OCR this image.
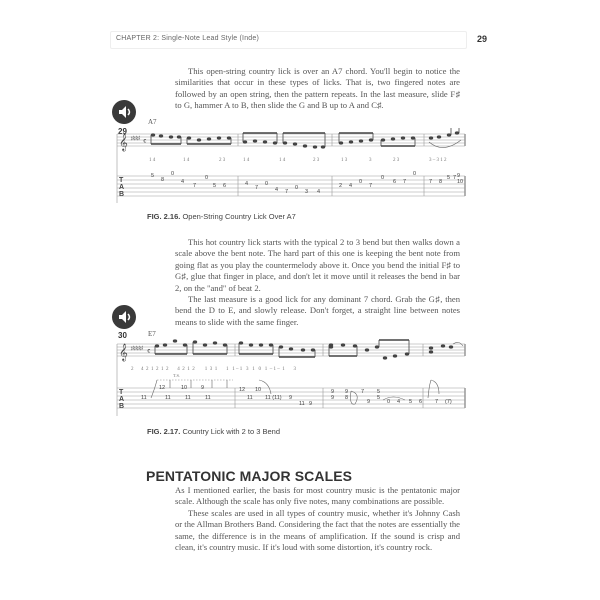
CHAPTER 2: Single-Note Lead Style (Inde)	29

This open-string country lick is over an A7 chord. You'll begin to notice the similarities that occur in these types of licks. That is, two fingered notes are followed by an open string, then the pattern repeats. In the last measure, slide F♯ to G, hammer A to B, then slide the G and B up to A and C♯.

29
A7
𝄞 ♯♯♯ 𝄴
1 4	1 4	2 3	1 4	1 4	2 3	1 3	3	2 3	3 – 3 1 2
T
A
B
5
8
0
4
7
0
5 6	4
7
0
4 7
0
3 4
2 4
0
7
0
6 7
0
7 8
5 7 9
10
FIG. 2.16. Open-String Country Lick Over A7

This hot country lick starts with the typical 2 to 3 bend but then walks down a scale above the bent note. The hard part of this one is keeping the bent note from going flat as you play the countermelody above it. Once you bend the initial F♯ to G♯, glue that finger in place, and don't let it move until it releases the bend in bar 2, on the "and" of beat 2.

The last measure is a good lick for any dominant 7 chord. Grab the G♯, then bend the D to E, and slowly release. Don't forget, a straight line between notes means to slide with the same finger.

30	E7
𝄞 ♯♯♯♯ 𝄴
T.S.
2      4  2  1  2  1  2       4  2  1  2        1  3  1       1   1 – 1   3   1   0   1  – 1 –  1       3
T
A
B
11
12
11
10
11
9
11
12
11
10
11 (11) 9
11 9
9
9
9
8
7
9
5
5
0 4 5 6 7 (7)
FIG. 2.17. Country Lick with 2 to 3 Bend
PENTATONIC MAJOR SCALES

As I mentioned earlier, the basis for most country music is the pentatonic major scale. Although the scale has only five notes, many combinations are possible.

These scales are used in all types of country music, whether it's Johnny Cash or the Allman Brothers Band. Considering the fact that the notes are essentially the same, the difference is in the means of amplification. If the sound is crisp and clean, it's country music. If it's loud with some distortion, it's country rock.
